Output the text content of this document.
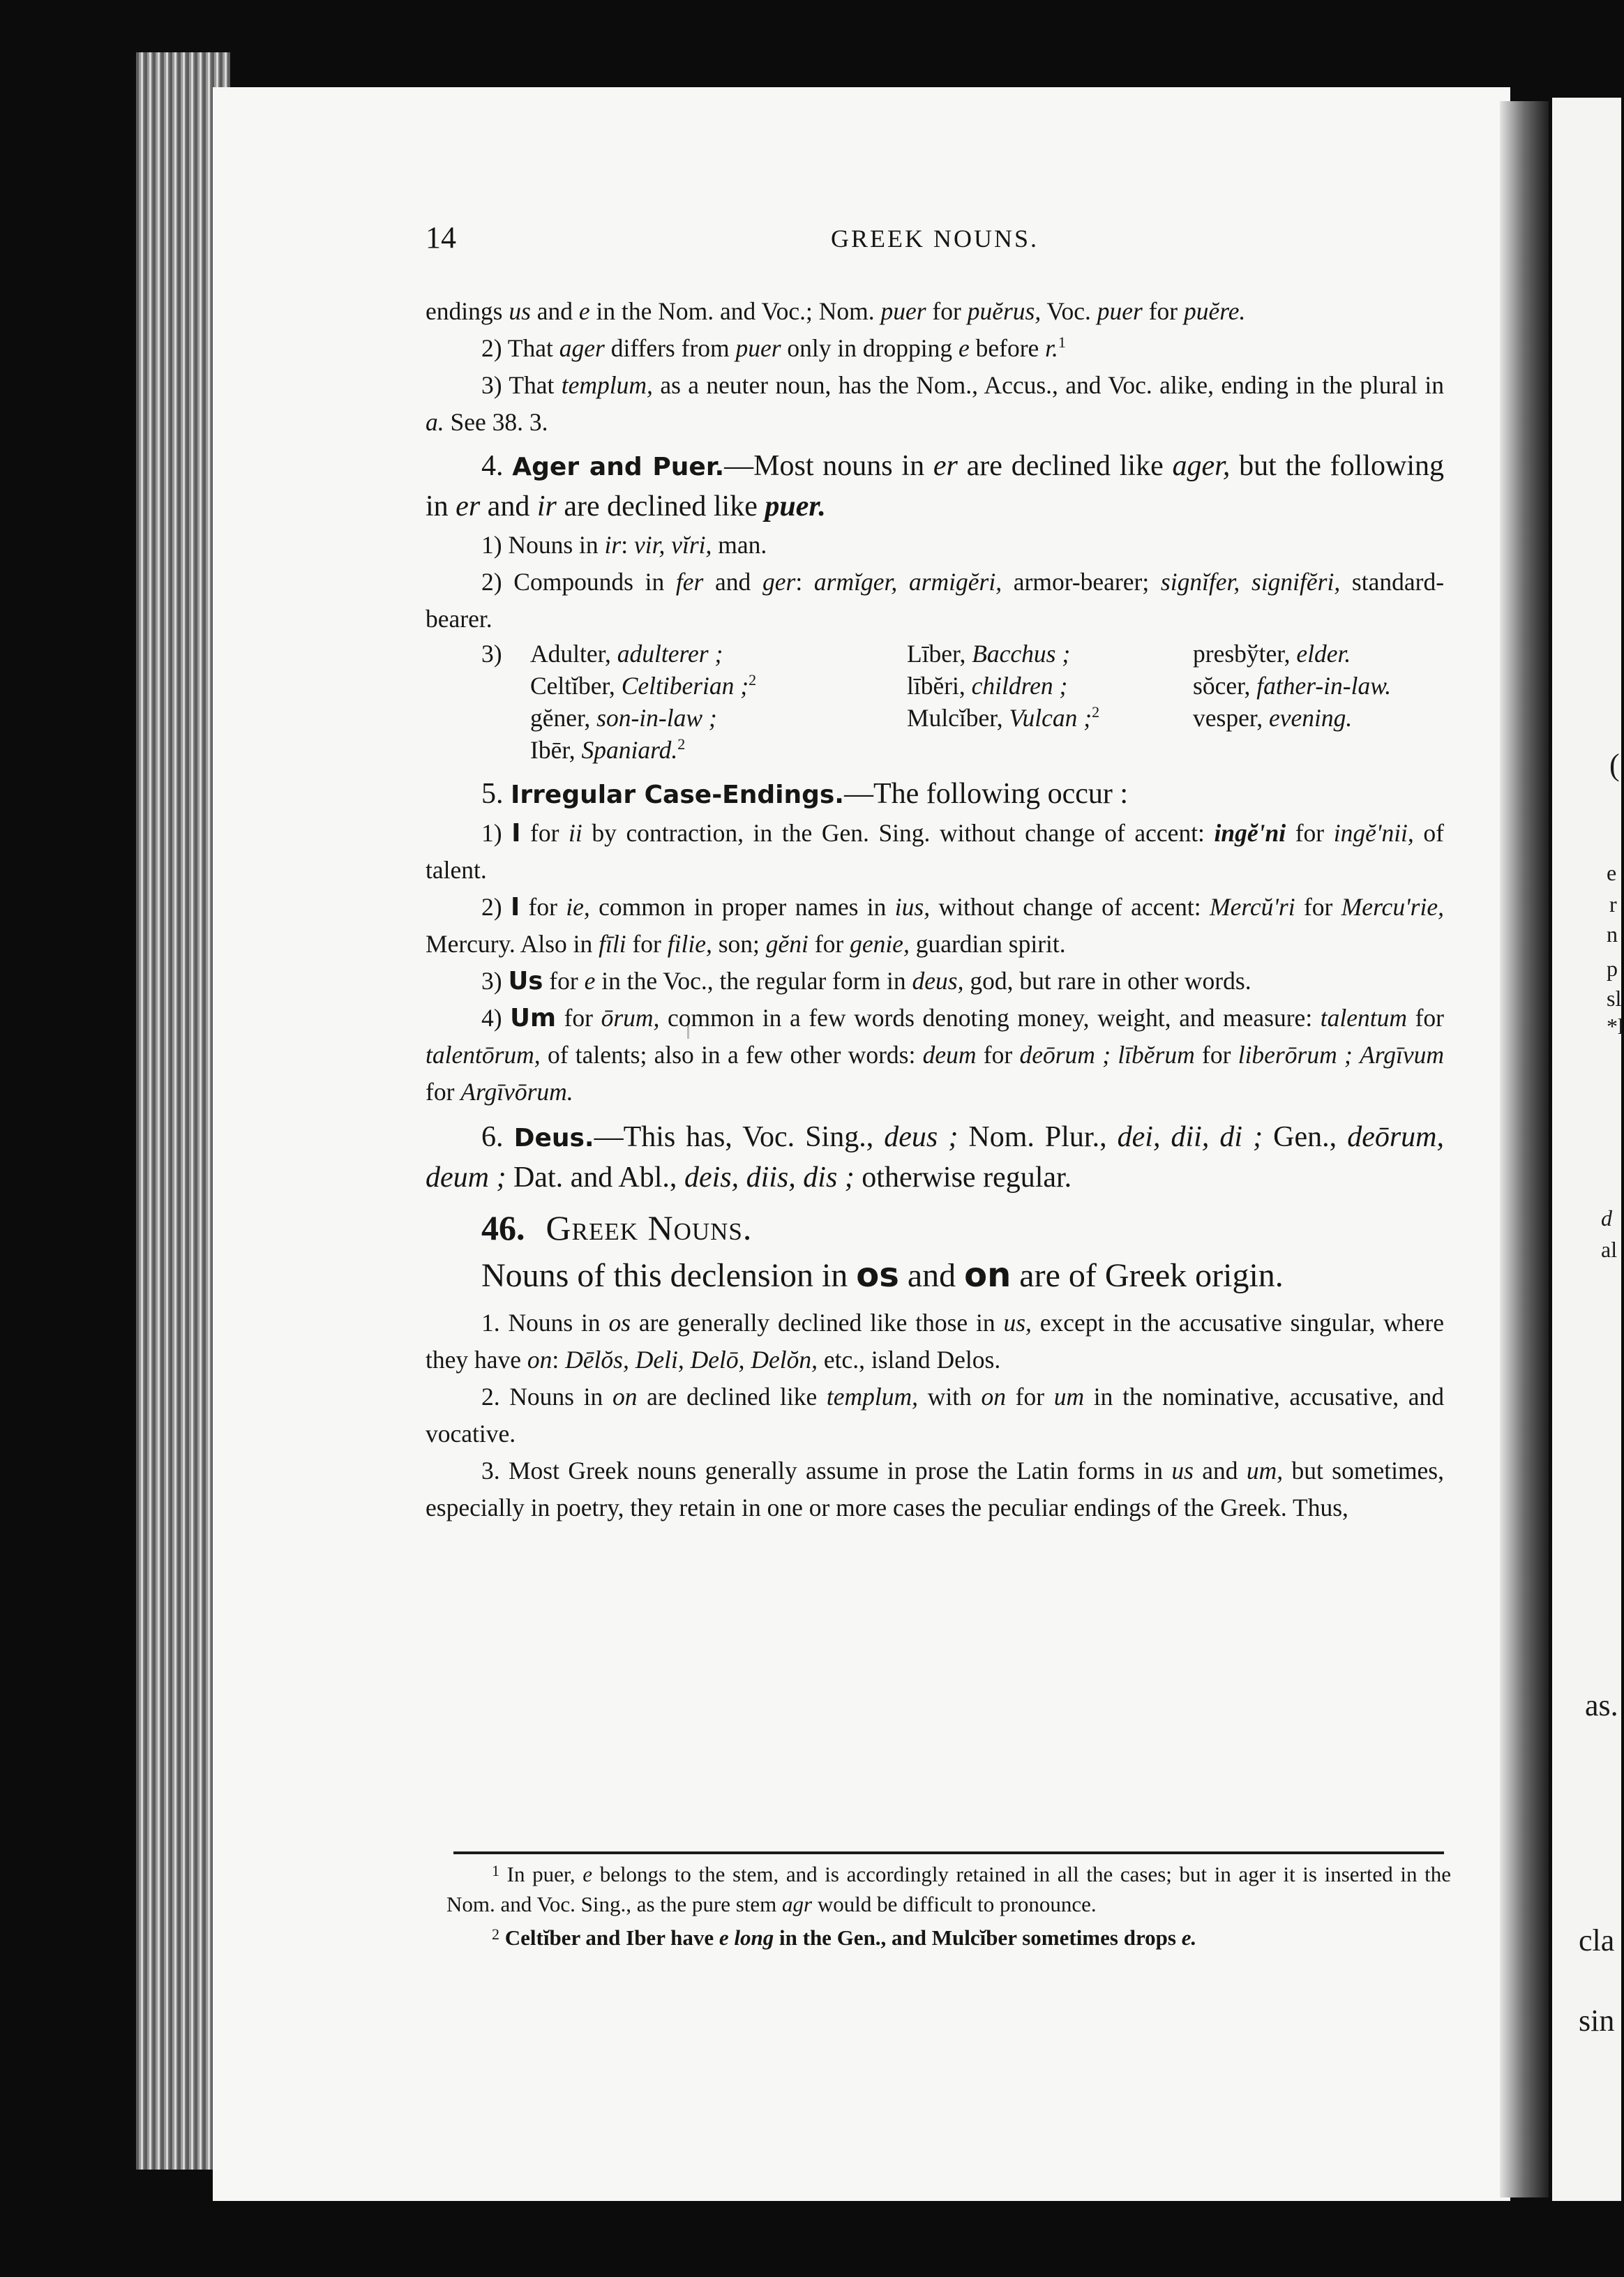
e
r
n
p
sl
*l
(
d
al
as.
cla
sin
14	GREEK NOUNS.

endings us and e in the Nom. and Voc.; Nom. puer for puĕrus, Voc. puer for puĕre.

2) That ager differs from puer only in dropping e before r.$^1$

3) That templum, as a neuter noun, has the Nom., Accus., and Voc. alike, ending in the plural in a. See 38. 3.

4. Ager and Puer.—Most nouns in er are declined like ager, but the following in er and ir are declined like puer.

1) Nouns in ir: vir, vĭri, man.

2) Compounds in fer and ger: armĭger, armigĕri, armor-bearer; signĭfer, signifĕri, standard-bearer.

3) Adulter, adulterer ;
Celtĭber, Celtiberian ;$^2$
gĕner, son-in-law ;
Ibēr, Spaniard.$^2$
Līber, Bacchus ;
lībĕri, children ;
Mulcĭber, Vulcan ;$^2$
presbўter, elder.
sŏcer, father-in-law.
vesper, evening.

5. Irregular Case-Endings.—The following occur :

1) I for ii by contraction, in the Gen. Sing. without change of accent: ingĕ'ni for ingĕ'nii, of talent.

2) I for ie, common in proper names in ius, without change of accent: Mercŭ'ri for Mercu'rie, Mercury. Also in fīli for filie, son; gĕni for genie, guardian spirit.

3) Us for e in the Voc., the regular form in deus, god, but rare in other words.

4) Um for ōrum, common in a few words denoting money, weight, and measure: talentum for talentōrum, of talents; also in a few other words: deum for deōrum ; lībĕrum for liberōrum ; Argīvum for Argīvōrum.

6. Deus.—This has, Voc. Sing., deus ; Nom. Plur., dei, dii, di ; Gen., deōrum, deum ; Dat. and Abl., deis, diis, dis ; otherwise regular.

46. Greek Nouns.

Nouns of this declension in os and on are of Greek origin.

1. Nouns in os are generally declined like those in us, except in the accusative singular, where they have on: Dēlŏs, Deli, Delō, Delŏn, etc., island Delos.

2. Nouns in on are declined like templum, with on for um in the nominative, accusative, and vocative.

3. Most Greek nouns generally assume in prose the Latin forms in us and um, but sometimes, especially in poetry, they retain in one or more cases the peculiar endings of the Greek. Thus,

$^1$ In puer, e belongs to the stem, and is accordingly retained in all the cases; but in ager it is inserted in the Nom. and Voc. Sing., as the pure stem agr would be difficult to pronounce.

$^2$ Celtĭber and Iber have e long in the Gen., and Mulcĭber sometimes drops e.
